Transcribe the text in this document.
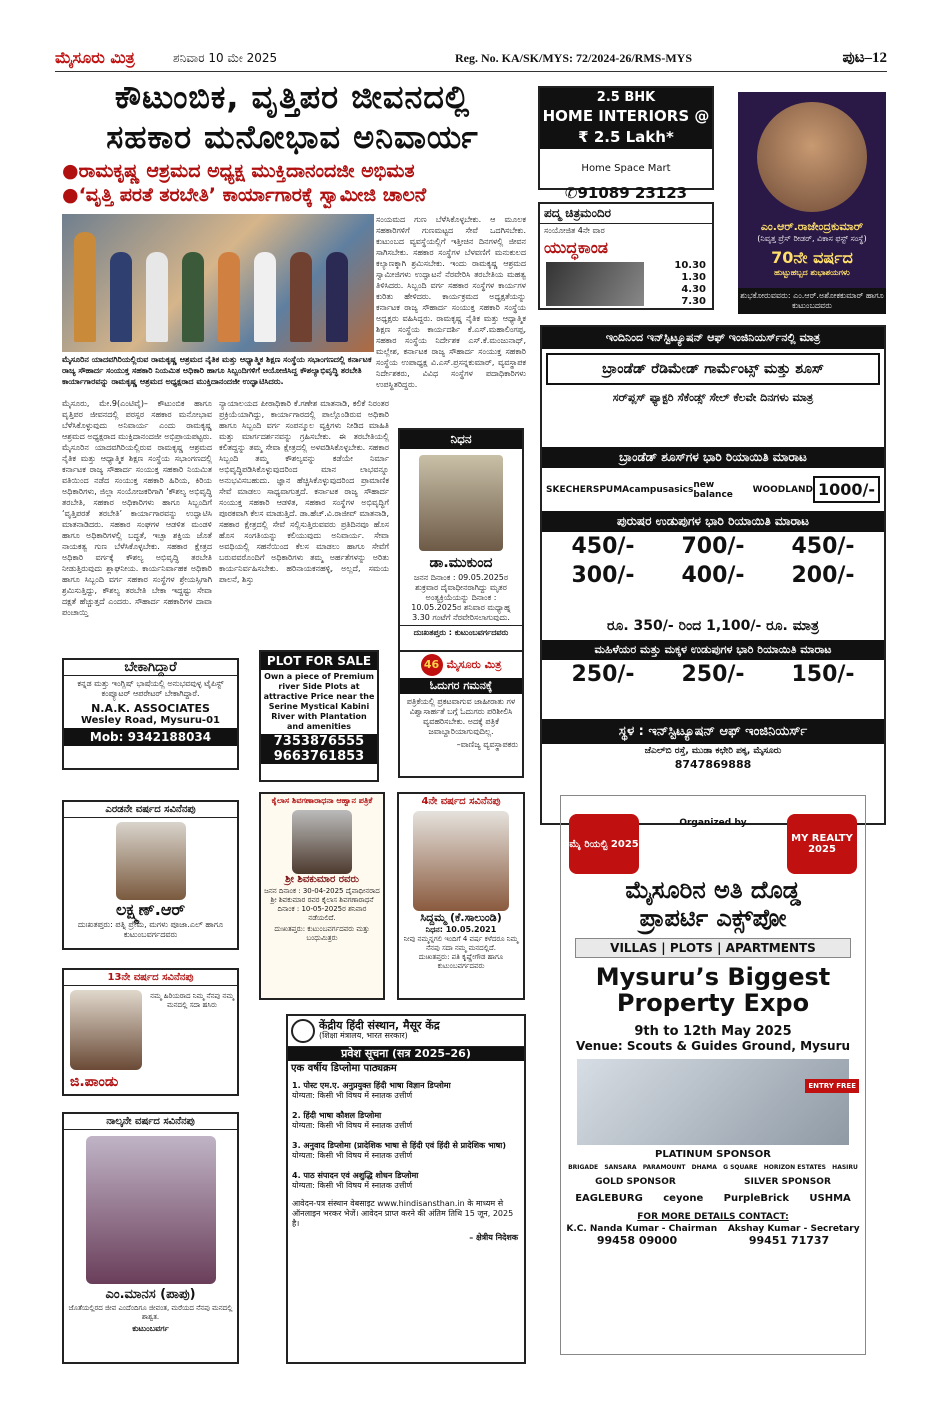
ಮೈಸೂರು ಮಿತ್ರ	ಶನಿವಾರ 10 ಮೇ 2025	Reg. No. KA/SK/MYS: 72/2024-26/RMS-MYS	ಪುಟ–12
ಕೌಟುಂಬಿಕ, ವೃತ್ತಿಪರ ಜೀವನದಲ್ಲಿ
ಸಹಕಾರ ಮನೋಭಾವ ಅನಿವಾರ್ಯ
●ರಾಮಕೃಷ್ಣ ಆಶ್ರಮದ ಅಧ್ಯಕ್ಷ ಮುಕ್ತಿದಾನಂದಜೀ ಅಭಿಮತ
●‘ವೃತ್ತಿ ಪರತೆ ತರಬೇತಿ’ ಕಾರ್ಯಾಗಾರಕ್ಕೆ ಸ್ವಾಮೀಜಿ ಚಾಲನೆ
ಮೈಸೂರಿನ ಯಾದವಗಿರಿಯಲ್ಲಿರುವ ರಾಮಕೃಷ್ಣ ಆಶ್ರಮದ ನೈತಿಕ ಮತ್ತು ಆಧ್ಯಾತ್ಮಿಕ ಶಿಕ್ಷಣ ಸಂಸ್ಥೆಯ ಸಭಾಂಗಣದಲ್ಲಿ ಕರ್ನಾಟಕ ರಾಜ್ಯ ಸೌಹಾರ್ದ ಸಂಯುಕ್ತ ಸಹಕಾರಿ ನಿಯಮಿತ ಅಧಿಕಾರಿ ಹಾಗೂ ಸಿಬ್ಬಂದಿಗಳಿಗೆ ಆಯೋಜಿಸಿದ್ದ ಕೌಶಲ್ಯಾಭಿವೃದ್ಧಿ ತರಬೇತಿ ಕಾರ್ಯಾಗಾರವನ್ನು ರಾಮಕೃಷ್ಣ ಆಶ್ರಮದ ಅಧ್ಯಕ್ಷರಾದ ಮುಕ್ತಿದಾನಂದಜೀ ಉದ್ಘಾಟಿಸಿದರು.
ಸಂಯಮದ ಗುಣ ಬೆಳೆಸಿಕೊಳ್ಳಬೇಕು. ಆ ಮೂಲಕ ಸಹಕಾರಿಗಳಿಗೆ ಗುಣಮಟ್ಟದ ಸೇವೆ ಒದಗಿಸಬೇಕು. ಕುಟುಂಬದ ವ್ಯವಸ್ಥೆಯಲ್ಲಿಗೆ ಇತ್ತೀಚಿನ ದಿನಗಳಲ್ಲಿ ಜೀವನ ಸಾಗಿಸಬೇಕು. ಸಹಕಾರ ಸಂಸ್ಥೆಗಳ ಬೆಳವಣಿಗೆ ಮನುಕುಲದ ಕಲ್ಯಾಣಕ್ಕಾಗಿ ಶ್ರಮಿಸಬೇಕು. ಇಂದು ರಾಮಕೃಷ್ಣ ಆಶ್ರಮದ ಸ್ವಾಮೀಜಿಗಳು ಉದ್ಘಾಟನೆ ನೆರವೇರಿಸಿ ತರಬೇತಿಯ ಮಹತ್ವ ತಿಳಿಸಿದರು. ಸಿಬ್ಬಂದಿ ವರ್ಗ ಸಹಕಾರ ಸಂಸ್ಥೆಗಳ ಕಾರ್ಯಗಳ ಕುರಿತು ಹೇಳಿದರು. ಕಾರ್ಯಕ್ರಮದ ಅಧ್ಯಕ್ಷತೆಯನ್ನು ಕರ್ನಾಟಕ ರಾಜ್ಯ ಸೌಹಾರ್ದ ಸಂಯುಕ್ತ ಸಹಕಾರಿ ಸಂಸ್ಥೆಯ ಅಧ್ಯಕ್ಷರು ವಹಿಸಿದ್ದರು. ರಾಮಕೃಷ್ಣ ನೈತಿಕ ಮತ್ತು ಆಧ್ಯಾತ್ಮಿಕ ಶಿಕ್ಷಣ ಸಂಸ್ಥೆಯ ಕಾರ್ಯದರ್ಶಿ ಕೆ.ಎಸ್.ಮಹಾಲಿಂಗಪ್ಪ, ಸಹಕಾರ ಸಂಸ್ಥೆಯ ನಿರ್ದೇಶಕ ಎಸ್.ಕೆ.ಮಂಜುನಾಥ್, ಮಲ್ಲೇಶ, ಕರ್ನಾಟಕ ರಾಜ್ಯ ಸೌಹಾರ್ದ ಸಂಯುಕ್ತ ಸಹಕಾರಿ ಸಂಸ್ಥೆಯ ಉಪಾಧ್ಯಕ್ಷ ವಿ.ಎಸ್.ಪ್ರಸನ್ನಕುಮಾರ್, ವ್ಯವಸ್ಥಾಪಕ ನಿರ್ದೇಶಕರು, ವಿವಿಧ ಸಂಸ್ಥೆಗಳ ಪದಾಧಿಕಾರಿಗಳು ಉಪಸ್ಥಿತರಿದ್ದರು.
ಮೈಸೂರು, ಮೇ.9(ಎಂಟಿವೈ)– ಕೌಟುಂಬಿಕ ಹಾಗೂ ವೃತ್ತಿಪರ ಜೀವನದಲ್ಲಿ ಪರಸ್ಪರ ಸಹಕಾರ ಮನೋಭಾವ ಬೆಳೆಸಿಕೊಳ್ಳುವುದು ಅನಿವಾರ್ಯ ಎಂದು ರಾಮಕೃಷ್ಣ ಆಶ್ರಮದ ಅಧ್ಯಕ್ಷರಾದ ಮುಕ್ತಿದಾನಂದಜೀ ಅಭಿಪ್ರಾಯಪಟ್ಟರು. ಮೈಸೂರಿನ ಯಾದವಗಿರಿಯಲ್ಲಿರುವ ರಾಮಕೃಷ್ಣ ಆಶ್ರಮದ ನೈತಿಕ ಮತ್ತು ಆಧ್ಯಾತ್ಮಿಕ ಶಿಕ್ಷಣ ಸಂಸ್ಥೆಯ ಸಭಾಂಗಣದಲ್ಲಿ ಕರ್ನಾಟಕ ರಾಜ್ಯ ಸೌಹಾರ್ದ ಸಂಯುಕ್ತ ಸಹಕಾರಿ ನಿಯಮಿತ ವತಿಯಿಂದ ನಡೆದ ಸಂಯುಕ್ತ ಸಹಕಾರಿ ಹಿರಿಯ, ಕಿರಿಯ ಅಧಿಕಾರಿಗಳು, ಜಿಲ್ಲಾ ಸಂಯೋಜಕರಿಗಾಗಿ ‘ಕೌಶಲ್ಯ ಅಭಿವೃದ್ಧಿ ತರಬೇತಿ, ಸಹಕಾರ ಅಧಿಕಾರಿಗಳು ಹಾಗೂ ಸಿಬ್ಬಂದಿಗೆ ‘ವೃತ್ತಿಪರತೆ ತರಬೇತಿ’ ಕಾರ್ಯಾಗಾರವನ್ನು ಉದ್ಘಾಟಿಸಿ ಮಾತನಾಡಿದರು. ಸಹಕಾರ ಸಂಘಗಳ ಆಡಳಿತ ಮಂಡಳಿ ಹಾಗೂ ಅಧಿಕಾರಿಗಳಲ್ಲಿ ಬದ್ಧತೆ, ಇಚ್ಛಾ ಶಕ್ತಿಯ ಜೊತೆ ನಾಯಕತ್ವ ಗುಣ ಬೆಳೆಸಿಕೊಳ್ಳಬೇಕು. ಸಹಕಾರ ಕ್ಷೇತ್ರದ ಅಧಿಕಾರಿ ವರ್ಗಕ್ಕೆ ಕೌಶಲ್ಯ ಅಭಿವೃದ್ಧಿ ತರಬೇತಿ ನೀಡುತ್ತಿರುವುದು ಶ್ಲಾಘನೀಯ. ಕಾರ್ಯನಿರ್ವಾಹಕ ಅಧಿಕಾರಿ ಹಾಗೂ ಸಿಬ್ಬಂದಿ ವರ್ಗ ಸಹಕಾರ ಸಂಸ್ಥೆಗಳ ಶ್ರೇಯಸ್ಸಿಗಾಗಿ ಶ್ರಮಿಸುತ್ತಿದ್ದು, ಕೌಶಲ್ಯ ತರಬೇತಿ ಬೇಕಾ ಇದ್ದಷ್ಟು ಸೇವಾ ದಕ್ಷತೆ ಹೆಚ್ಚುತ್ತದೆ ಎಂದರು. ಸೌಹಾರ್ದ ಸಹಕಾರಿಗಳ ದಾವಾ ಪಂಚಾಯ್ತಿ
ನ್ಯಾಯಾಲಯದ ಪೀಠಾಧಿಕಾರಿ ಕೆ.ಗಣೇಶ ಮಾತನಾಡಿ, ಕಲಿಕೆ ನಿರಂತರ ಪ್ರಕ್ರಿಯೆಯಾಗಿದ್ದು, ಕಾರ್ಯಾಗಾರದಲ್ಲಿ ಪಾಲ್ಗೊಂಡಿರುವ ಅಧಿಕಾರಿ ಹಾಗೂ ಸಿಬ್ಬಂದಿ ವರ್ಗ ಸಂಪನ್ಮೂಲ ವ್ಯಕ್ತಿಗಳು ನೀಡಿದ ಮಾಹಿತಿ ಮತ್ತು ಮಾರ್ಗದರ್ಶನವನ್ನು ಗ್ರಹಿಸಬೇಕು. ಈ ತರಬೇತಿಯಲ್ಲಿ ಕಲಿತದ್ದನ್ನು ತಮ್ಮ ಸೇವಾ ಕ್ಷೇತ್ರದಲ್ಲಿ ಅಳವಡಿಸಿಕೊಳ್ಳಬೇಕು. ಸಹಕಾರ ಸಿಬ್ಬಂದಿ ತಮ್ಮ ಕೌಶಲ್ಯವನ್ನು ಕಡೆಯೇ ನಿರ್ಮಾ ಅಭಿವೃದ್ಧಿಪಡಿಸಿಕೊಳ್ಳುವುದರಿಂದ ಮಾನ ಲಾಭವನ್ನೂ ಅನುಭವಿಸಬಹುದು. ಜ್ಞಾನ ಹೆಚ್ಚಿಸಿಕೊಳ್ಳುವುದರಿಂದ ಪ್ರಾಮಾಣಿಕ ಸೇವೆ ಮಾಡಲು ಸಾಧ್ಯವಾಗುತ್ತದೆ. ಕರ್ನಾಟಕ ರಾಜ್ಯ ಸೌಹಾರ್ದ ಸಂಯುಕ್ತ ಸಹಕಾರಿ ಆಡಳಿತ, ಸಹಕಾರ ಸಂಸ್ಥೆಗಳ ಅಭಿವೃದ್ಧಿಗೆ ಪೂರಕವಾಗಿ ಕೆಲಸ ಮಾಡುತ್ತಿದೆ. ಡಾ.ಹೆಚ್.ವಿ.ರಾಜೀವ್ ಮಾತನಾಡಿ, ಸಹಕಾರ ಕ್ಷೇತ್ರದಲ್ಲಿ ಸೇವೆ ಸಲ್ಲಿಸುತ್ತಿರುವವರು ಪ್ರತಿದಿನವೂ ಹೊಸ ಹೊಸ ಸಂಗತಿಯನ್ನು ಕಲಿಯುವುದು ಅನಿವಾರ್ಯ. ಸೇವಾ ಅವಧಿಯಲ್ಲಿ ಸಹನೆಯಿಂದ ಕೆಲಸ ಮಾಡಲು ಹಾಗೂ ಸೇವೆಗೆ ಬರುವವರೊಂದಿಗೆ ಅಧಿಕಾರಿಗಳು ತಮ್ಮ ಅರ್ಹತೆಗಳನ್ನು ಅರಿತು ಕಾರ್ಯನಿರ್ವಹಿಸಬೇಕು. ಹರಿನಾಯಕನಹಳ್ಳಿ, ಅಲ್ಲದೆ, ಸಮಯ ಪಾಲನೆ, ಶಿಸ್ತು
2.5 BHK
HOME INTERIORS @
₹ 2.5 Lakh*
Home Space Mart
✆91089 23123
ಎಂ.ಆರ್.ರಾಜೇಂದ್ರಕುಮಾರ್
(ನಿವೃತ್ತ ಪ್ರೆಸ್ ರೀಡರ್, ವಿಕಾಸ ಫಸ್ಟ್ ಸಂಸ್ಥೆ)
70ನೇ ವರ್ಷದ
ಹುಟ್ಟುಹಬ್ಬದ ಶುಭಾಶಯಗಳು
ಶುಭಕೋರುವವರು: ಎಂ.ಆರ್.ಅಶೋಕಕುಮಾರ್ ಹಾಗೂ ಕುಟುಂಬದವರು
ಪದ್ಮ ಚಿತ್ರಮಂದಿರ
ಸಂಯೋಜಿತ 4ನೇ ವಾರ
ಯುದ್ಧಕಾಂಡ
10.30
1.30
4.30
7.30
ಇಂದಿನಿಂದ ಇನ್‌ಸ್ಟಿಟ್ಯೂಷನ್ ಆಫ್ ಇಂಜಿನಿಯರ್ಸ್‌ನಲ್ಲಿ ಮಾತ್ರ
ಬ್ರಾಂಡೆಡ್ ರೆಡಿಮೇಡ್ ಗಾರ್ಮೆಂಟ್ಸ್ ಮತ್ತು ಶೂಸ್
ಸರ್‌ಪ್ಲಸ್ ಫ್ಯಾಕ್ಟರಿ ಸೆಕೆಂಡ್ಸ್ ಸೇಲ್ ಕೆಲವೇ ದಿನಗಳು ಮಾತ್ರ
ಬ್ರಾಂಡೆಡ್ ಶೂಸ್‌ಗಳ ಭಾರಿ ರಿಯಾಯಿತಿ ಮಾರಾಟ
SKECHERS PUMA campus asics new balance	WOODLAND 1000/-
ಪುರುಷರ ಉಡುಪುಗಳ ಭಾರಿ ರಿಯಾಯಿತಿ ಮಾರಾಟ
450/- 700/- 450/-
300/- 400/- 200/-
ರೂ. 350/- ರಿಂದ 1,100/- ರೂ. ಮಾತ್ರ
ಮಹಿಳೆಯರ ಮತ್ತು ಮಕ್ಕಳ ಉಡುಪುಗಳ ಭಾರಿ ರಿಯಾಯಿತಿ ಮಾರಾಟ
250/- 250/- 150/-
ಸ್ಥಳ : ಇನ್‌ಸ್ಟಿಟ್ಯೂಷನ್ ಆಫ್ ಇಂಜಿನಿಯರ್ಸ್
ಜೆಎಲ್‌ಬಿ ರಸ್ತೆ, ಮುಡಾ ಕಛೇರಿ ಪಕ್ಕ, ಮೈಸೂರು
8747869888
ನಿಧನ
ಡಾ.ಮುಕುಂದ
ಜನನ ದಿನಾಂಕ : 09.05.2025ರ ಶುಕ್ರವಾರ ದೈವಾಧೀನರಾಗಿದ್ದು ಮೃತರ ಅಂತ್ಯಕ್ರಿಯೆಯನ್ನು ದಿನಾಂಕ : 10.05.2025ರ ಶನಿವಾರ ಮಧ್ಯಾಹ್ನ 3.30 ಗಂಟೆಗೆ ನೆರವೇರಿಸಲಾಗುವುದು.
ದುಃಖತಪ್ತರು : ಕುಟುಂಬವರ್ಗದವರು
ಬೇಕಾಗಿದ್ದಾರೆ
ಕನ್ನಡ ಮತ್ತು ಇಂಗ್ಲಿಷ್ ಭಾಷೆಯಲ್ಲಿ ಅನುಭವವುಳ್ಳ ಟೈಪಿಸ್ಟ್ ಕಂಪ್ಯೂಟರ್ ಆಪರೇಟರ್ ಬೇಕಾಗಿದ್ದಾರೆ.
N.A.K. ASSOCIATES
Wesley Road, Mysuru-01
Mob: 9342188034
PLOT FOR SALE
Own a piece of Premium river Side Plots at attractive Price near the Serine Mystical Kabini River with Plantation and amenities
7353876555
9663761853
46 ಮೈಸೂರು ಮಿತ್ರ
ಓದುಗರ ಗಮನಕ್ಕೆ
ಪತ್ರಿಕೆಯಲ್ಲಿ ಪ್ರಕಟವಾಗುವ ಜಾಹೀರಾತು ಗಳ ವಿಶ್ವಾಸಾರ್ಹತೆ ಬಗ್ಗೆ ಓದುಗರು ಪರಿಶೀಲಿಸಿ ವ್ಯವಹರಿಸಬೇಕು. ಅದಕ್ಕೆ ಪತ್ರಿಕೆ ಜವಾಬ್ದಾರಿಯಾಗುವುದಿಲ್ಲ.
–ವಾಣಿಜ್ಯ ವ್ಯವಸ್ಥಾಪಕರು
ಎರಡನೇ ವರ್ಷದ ಸವಿನೆನಪು
ಲಕ್ಷ್ಮಣ್.ಆರ್
ದುಃಖತಪ್ತರು: ಪತ್ನಿ ಪ್ರೇಮ, ಮಗಳು ಪೂಜಾ.ಎಲ್ ಹಾಗೂ ಕುಟುಂಬವರ್ಗದವರು
ಕೈಲಾಸ ಶಿವಗಣಾರಾಧನಾ ಆಹ್ವಾನ ಪತ್ರಿಕೆ
ಶ್ರೀ ಶಿವಕುಮಾರ ರವರು
ಜನನ ದಿನಾಂಕ : 30-04-2025 ದೈವಾಧೀನರಾದ ಶ್ರೀ ಶಿವಕುಮಾರ ರವರ ಕೈಲಾಸ ಶಿವಗಣಾರಾಧನೆ ದಿನಾಂಕ : 10-05-2025ರ ಶನಿವಾರ ನಡೆಯಲಿದೆ.
ದುಃಖತಪ್ತರು: ಕುಟುಂಬವರ್ಗದವರು ಮತ್ತು ಬಂಧುಮಿತ್ರರು
4ನೇ ವರ್ಷದ ಸವಿನೆನಪು
ಸಿದ್ದಮ್ಮ (ಕೆ.ಸಾಲುಂಡಿ)
ನಿಧನ: 10.05.2021
ನೀವು ನಮ್ಮನ್ನಗಲಿ ಇಂದಿಗೆ 4 ವರ್ಷ ಕಳೆದರೂ ನಿಮ್ಮ ನೆನಪು ಸದಾ ನಮ್ಮ ಮನದಲ್ಲಿದೆ.
ದುಃಖತಪ್ತರು: ಪತಿ ಕೃಷ್ಣೇಗೌಡ ಹಾಗೂ ಕುಟುಂಬವರ್ಗದವರು
13ನೇ ವರ್ಷದ ಸವಿನೆನಪು
ನಮ್ಮ ಹಿರಿಯರಾದ ನಿಮ್ಮ ನೆನಪು ನಮ್ಮ ಮನದಲ್ಲಿ ಸದಾ ಹಸಿರು
ಜಿ.ಪಾಂಡು
ನಾಲ್ಕನೇ ವರ್ಷದ ಸವಿನೆನಪು
ಎಂ.ಮಾನಸ (ಪಾಪು)
ಜೊತೆಯಲ್ಲಿರದ ಜೀವ ಎಂದೆಂದಿಗೂ ಜೀವಂತ, ಮರೆಯದ ನೆನಪು ಮನದಲ್ಲಿ ಶಾಶ್ವತ.
ಕುಟುಂಬವರ್ಗ
केंद्रीय हिंदी संस्थान, मैसूर केंद्र
(शिक्षा मंत्रालय, भारत सरकार)
प्रवेश सूचना (सत्र 2025–26)
एक वर्षीय डिप्लोमा पाठ्यक्रम
1. पोस्ट एम.ए. अनुप्रयुक्त हिंदी भाषा विज्ञान डिप्लोमा
योग्यता: किसी भी विषय में स्नातक उत्तीर्ण
2. हिंदी भाषा कौशल डिप्लोमा
योग्यता: किसी भी विषय में स्नातक उत्तीर्ण
3. अनुवाद डिप्लोमा (प्रादेशिक भाषा से हिंदी एवं हिंदी से प्रादेशिक भाषा)
योग्यता: किसी भी विषय में स्नातक उत्तीर्ण
4. पाठ संपादन एवं अशुद्धि शोधन डिप्लोमा
योग्यता: किसी भी विषय में स्नातक उत्तीर्ण
आवेदन-पत्र संस्थान वेबसाइट www.hindisansthan.in के माध्यम से ऑनलाइन भरकर भेजें। आवेदन प्राप्त करने की अंतिम तिथि 15 जून, 2025 है।
– क्षेत्रीय निदेशक
ಮೈ ರಿಯಲ್ಟಿ 2025	MY REALTY 2025
Organized by
ಮೈಸೂರಿನ ಅತಿ ದೊಡ್ಡ
ಪ್ರಾಪರ್ಟಿ ಎಕ್ಸ್‌ಪೋ
VILLAS | PLOTS | APARTMENTS
Mysuru’s Biggest
Property Expo
9th to 12th May 2025
Venue: Scouts & Guides Ground, Mysuru
ENTRY FREE
PLATINUM SPONSOR
BRIGADE SANSARA PARAMOUNT DHAMA G SQUARE HORIZON ESTATES HASIRU
GOLD SPONSOR	SILVER SPONSOR
EAGLEBURG ceyone PurpleBrick USHMA
FOR MORE DETAILS CONTACT:
K.C. Nanda Kumar - Chairman Akshay Kumar - Secretary
99458 09000	99451 71737
